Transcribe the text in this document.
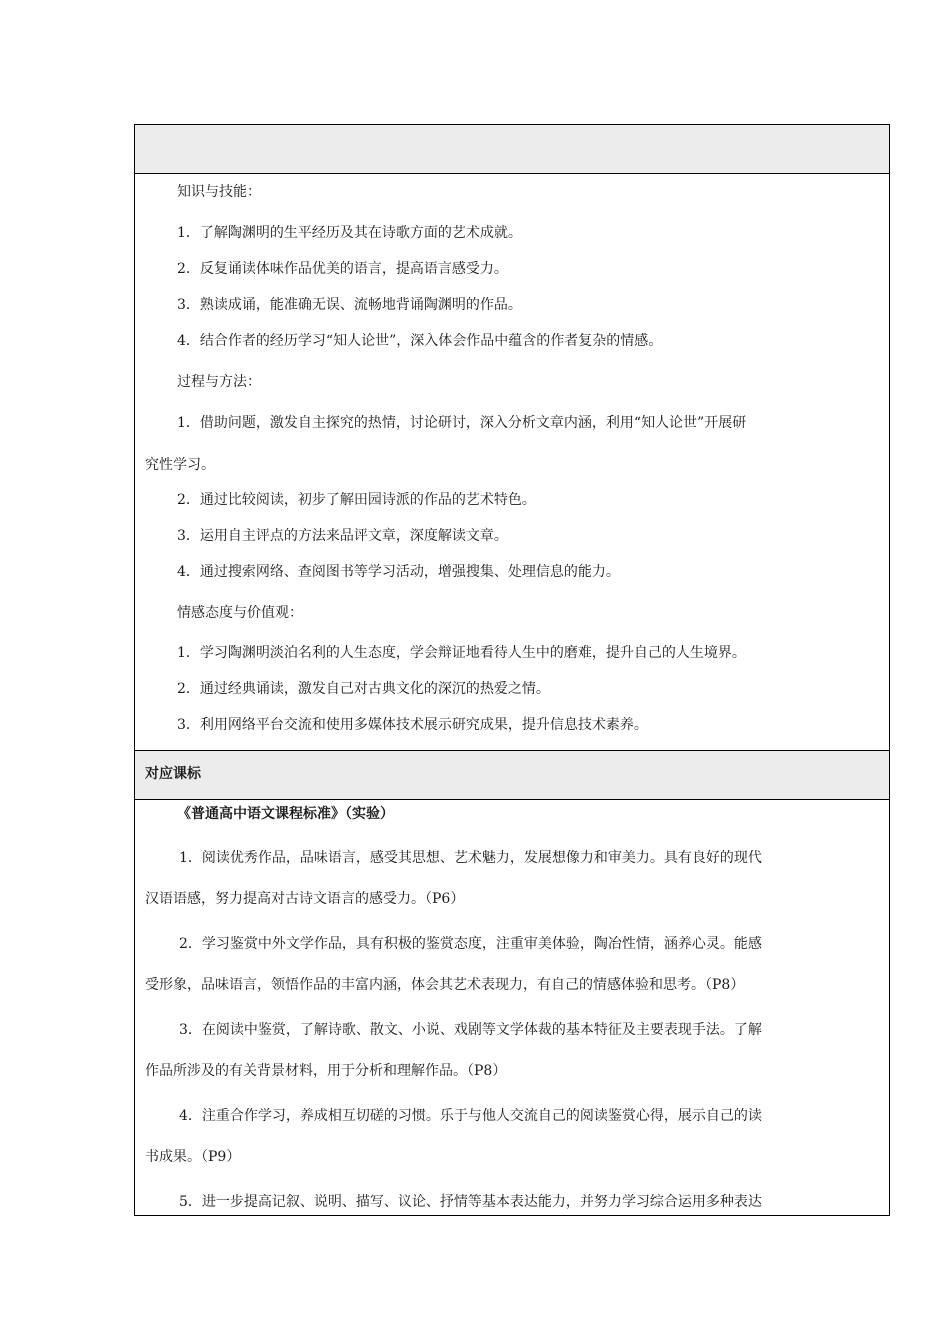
知识与技能：
1．了解陶渊明的生平经历及其在诗歌方面的艺术成就。
2．反复诵读体味作品优美的语言，提高语言感受力。
3．熟读成诵，能准确无误、流畅地背诵陶渊明的作品。
4．结合作者的经历学习“知人论世”，深入体会作品中蕴含的作者复杂的情感。
过程与方法：
1．借助问题，激发自主探究的热情，讨论研讨，深入分析文章内涵，利用“知人论世”开展研
究性学习。
2．通过比较阅读，初步了解田园诗派的作品的艺术特色。
3．运用自主评点的方法来品评文章，深度解读文章。
4．通过搜索网络、查阅图书等学习活动，增强搜集、处理信息的能力。
情感态度与价值观：
1．学习陶渊明淡泊名利的人生态度，学会辩证地看待人生中的磨难，提升自己的人生境界。
2．通过经典诵读，激发自己对古典文化的深沉的热爱之情。
3．利用网络平台交流和使用多媒体技术展示研究成果，提升信息技术素养。
对应课标
《普通高中语文课程标准》（实验）
1．阅读优秀作品，品味语言，感受其思想、艺术魅力，发展想像力和审美力。具有良好的现代
汉语语感，努力提高对古诗文语言的感受力。（P6）
2．学习鉴赏中外文学作品，具有积极的鉴赏态度，注重审美体验，陶冶性情，涵养心灵。能感
受形象，品味语言，领悟作品的丰富内涵，体会其艺术表现力，有自己的情感体验和思考。（P8）
3．在阅读中鉴赏，了解诗歌、散文、小说、戏剧等文学体裁的基本特征及主要表现手法。了解
作品所涉及的有关背景材料，用于分析和理解作品。（P8）
4．注重合作学习，养成相互切磋的习惯。乐于与他人交流自己的阅读鉴赏心得，展示自己的读
书成果。（P9）
5．进一步提高记叙、说明、描写、议论、抒情等基本表达能力，并努力学习综合运用多种表达
